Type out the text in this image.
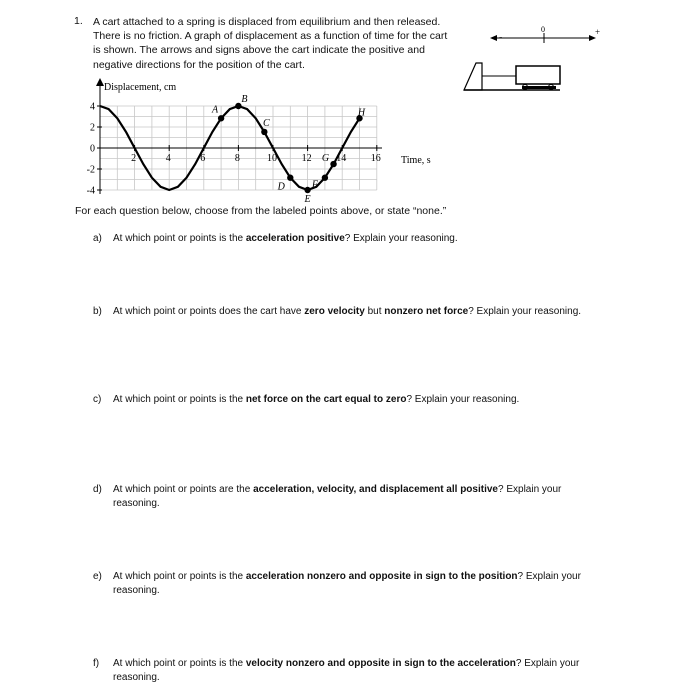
1. A cart attached to a spring is displaced from equilibrium and then released. There is no friction. A graph of displacement as a function of time for the cart is shown. The arrows and signs above the cart indicate the positive and negative directions for the position of the cart.
-
0	+
Displacement, cm
Time, s
4
2
0
-2
-4
2	4	6	8	10 12 14 16
A
B
C
D
E
F
G
H
For each question below, choose from the labeled points above, or state “none.”
a) At which point or points is the acceleration positive? Explain your reasoning.
b) At which point or points does the cart have zero velocity but nonzero net force? Explain your reasoning.
c) At which point or points is the net force on the cart equal to zero? Explain your reasoning.
d) At which point or points are the acceleration, velocity, and displacement all positive? Explain your reasoning.
e) At which point or points is the acceleration nonzero and opposite in sign to the position? Explain your reasoning.
f) At which point or points is the velocity nonzero and opposite in sign to the acceleration? Explain your reasoning.
